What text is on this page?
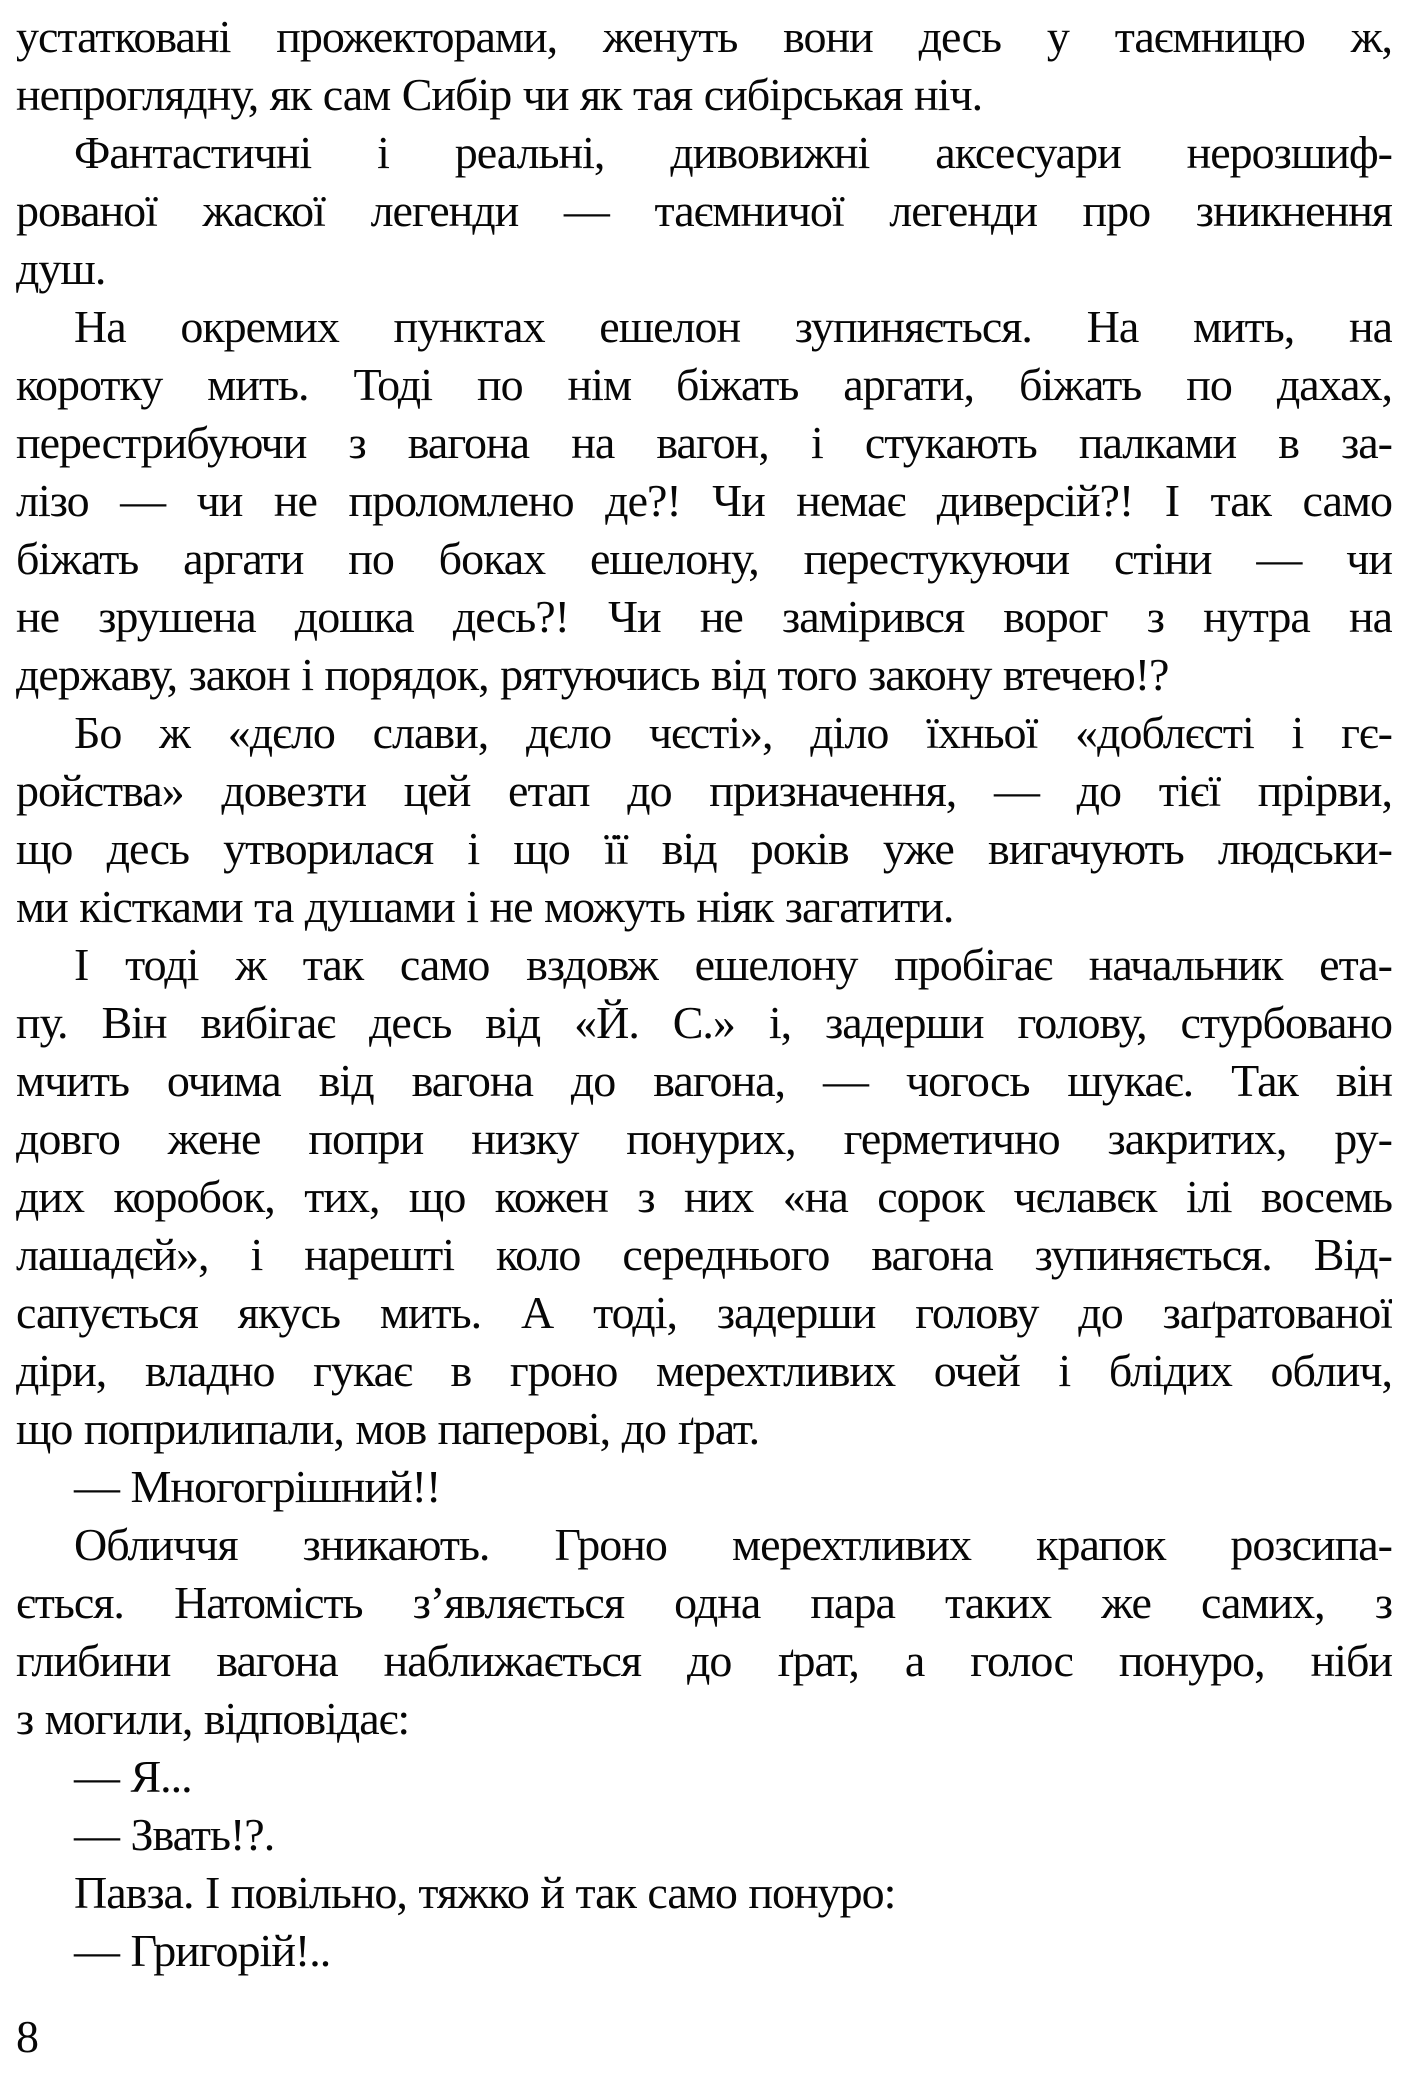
устатковані прожекторами, женуть вони десь у таємницю ж,
непроглядну, як сам Сибір чи як тая сибірськая ніч.
Фантастичні і реальні, дивовижні аксесуари нерозшиф-
рованої жаскої легенди — таємничої легенди про зникнення
душ.
На окремих пунктах ешелон зупиняється. На мить, на
коротку мить. Тоді по нім біжать аргати, біжать по дахах,
перестрибуючи з вагона на вагон, і стукають палками в за-
лізо — чи не проломлено де?! Чи немає диверсій?! І так само
біжать аргати по боках ешелону, перестукуючи стіни — чи
не зрушена дошка десь?! Чи не замірився ворог з нутра на
державу, закон і порядок, рятуючись від того закону втечею!?
Бо ж «дєло слави, дєло чєсті», діло їхньої «доблєсті і гє-
ройства» довезти цей етап до призначення, — до тієї прірви,
що десь утворилася і що її від років уже вигачують людськи-
ми кістками та душами і не можуть ніяк загатити.
І тоді ж так само вздовж ешелону пробігає начальник ета-
пу. Він вибігає десь від «Й. С.» і, задерши голову, стурбовано
мчить очима від вагона до вагона, — чогось шукає. Так він
довго жене попри низку понурих, герметично закритих, ру-
дих коробок, тих, що кожен з них «на сорок чєлавєк ілі восемь
лашадєй», і нарешті коло середнього вагона зупиняється. Від-
сапується якусь мить. А тоді, задерши голову до заґратованої
діри, владно гукає в гроно мерехтливих очей і блідих облич,
що поприлипали, мов паперові, до ґрат.
— Многогрішний!!
Обличчя зникають. Гроно мерехтливих крапок розсипа-
ється. Натомість з’являється одна пара таких же самих, з
глибини вагона наближається до ґрат, а голос понуро, ніби
з могили, відповідає:
— Я...
— Звать!?.
Павза. І повільно, тяжко й так само понуро:
— Григорій!..
8
